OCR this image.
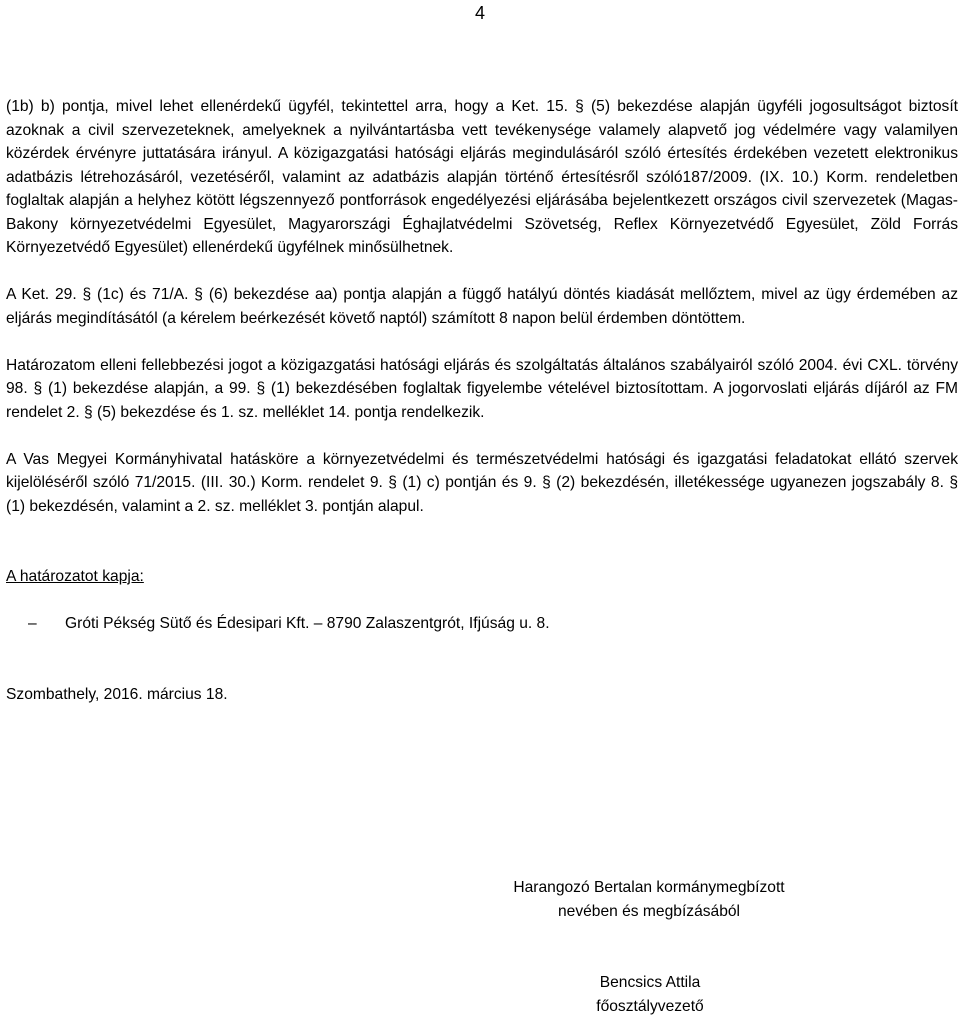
4

(1b) b) pontja, mivel lehet ellenérdekű ügyfél, tekintettel arra, hogy a Ket. 15. § (5) bekezdése alapján ügyféli jogosultságot biztosít azoknak a civil szervezeteknek, amelyeknek a nyilvántartásba vett tevékenysége valamely alapvető jog védelmére vagy valamilyen közérdek érvényre juttatására irányul. A közigazgatási hatósági eljárás megindulásáról szóló értesítés érdekében vezetett elektronikus adatbázis létrehozásáról, vezetéséről, valamint az adatbázis alapján történő értesítésről szóló187/2009. (IX. 10.) Korm. rendeletben foglaltak alapján a helyhez kötött légszennyező pontforrások engedélyezési eljárásába bejelentkezett országos civil szervezetek (Magas-Bakony környezetvédelmi Egyesület, Magyarországi Éghajlatvédelmi Szövetség, Reflex Környezetvédő Egyesület, Zöld Forrás Környezetvédő Egyesület) ellenérdekű ügyfélnek minősülhetnek.

A Ket. 29. § (1c) és 71/A. § (6) bekezdése aa) pontja alapján a függő hatályú döntés kiadását mellőztem, mivel az ügy érdemében az eljárás megindításától (a kérelem beérkezését követő naptól) számított 8 napon belül érdemben döntöttem.

Határozatom elleni fellebbezési jogot a közigazgatási hatósági eljárás és szolgáltatás általános szabályairól szóló 2004. évi CXL. törvény 98. § (1) bekezdése alapján, a 99. § (1) bekezdésében foglaltak figyelembe vételével biztosítottam. A jogorvoslati eljárás díjáról az FM rendelet 2. § (5) bekezdése és 1. sz. melléklet 14. pontja rendelkezik.

A Vas Megyei Kormányhivatal hatásköre a környezetvédelmi és természetvédelmi hatósági és igazgatási feladatokat ellátó szervek kijelöléséről szóló 71/2015. (III. 30.) Korm. rendelet 9. § (1) c) pontján és 9. § (2) bekezdésén, illetékessége ugyanezen jogszabály 8. § (1) bekezdésén, valamint a 2. sz. melléklet 3. pontján alapul.

A határozatot kapja:

– Gróti Pékség Sütő és Édesipari Kft. – 8790 Zalaszentgrót, Ifjúság u. 8.

Szombathely, 2016. március 18.

Harangozó Bertalan kormánymegbízott
nevében és megbízásából
Bencsics Attila
főosztályvezető
